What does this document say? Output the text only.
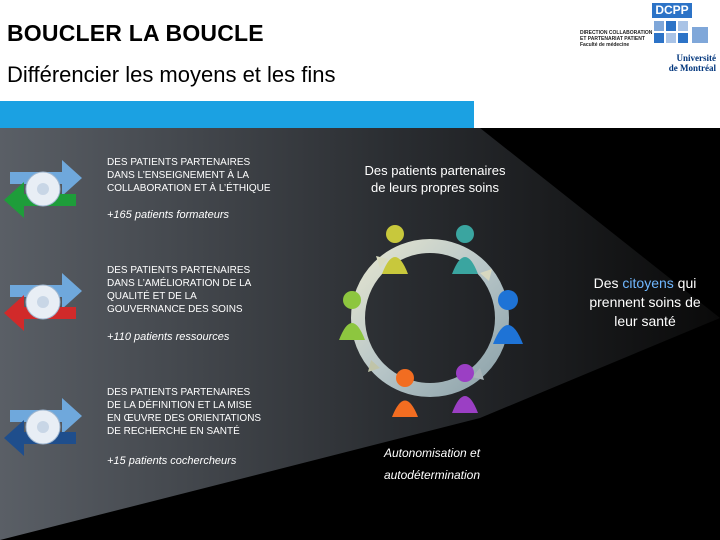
BOUCLER LA BOUCLE
Différencier les moyens et les fins
DIRECTION COLLABORATION
ET PARTENARIAT PATIENT
Faculté de médecine
DCPP
Université
de Montréal
DES PATIENTS PARTENAIRES
DANS L’ENSEIGNEMENT À LA
COLLABORATION ET À L’ÉTHIQUE
+165 patients formateurs
DES PATIENTS PARTENAIRES
DANS L’AMÉLIORATION DE LA
QUALITÉ ET DE LA
GOUVERNANCE DES SOINS
+110 patients ressources
DES PATIENTS PARTENAIRES
DE LA DÉFINITION ET LA MISE
EN ŒUVRE DES ORIENTATIONS
DE RECHERCHE EN SANTÉ
+15 patients cochercheurs
Des patients partenaires
de leurs propres soins
Des citoyens qui
prennent soins de
leur santé
Autonomisation et
autodétermination
